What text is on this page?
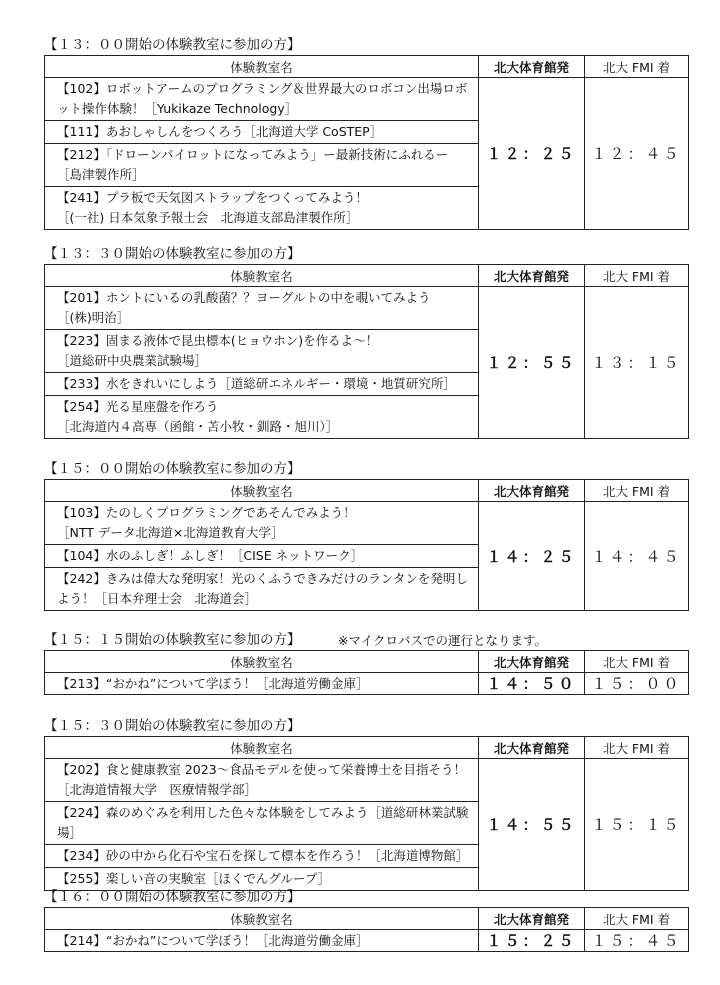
【１３：００開始の体験教室に参加の方】
体験教室名	北大体育館発	北大 FMI 着
【102】ロボットアームのプログラミング＆世界最大のロボコン出場ロボ
ット操作体験！［Yukikaze Technology］	１２：２５	１２：４５
【111】あおしゃしんをつくろう［北海道大学 CoSTEP］		
【212】「ドローンパイロットになってみよう」ー最新技術にふれるー
［島津製作所］		
【241】プラ板で天気図ストラップをつくってみよう！
［(一社) 日本気象予報士会　北海道支部島津製作所］		
【１３：３０開始の体験教室に参加の方】
体験教室名	北大体育館発	北大 FMI 着
【201】ホントにいるの乳酸菌？？ヨーグルトの中を覗いてみよう
［(株)明治］	１２：５５	１３：１５
【223】固まる液体で昆虫標本(ヒョウホン)を作るよ〜！
［道総研中央農業試験場］		
【233】水をきれいにしよう［道総研エネルギー・環境・地質研究所］		
【254】光る星座盤を作ろう
［北海道内４高専（函館・苫小牧・釧路・旭川）］		
【１５：００開始の体験教室に参加の方】
体験教室名	北大体育館発	北大 FMI 着
【103】たのしくプログラミングであそんでみよう！
［NTT データ北海道×北海道教育大学］	１４：２５	１４：４５
【104】水のふしぎ！ふしぎ！［CISE ネットワーク］		
【242】きみは偉大な発明家！光のくふうできみだけのランタンを発明し
よう！［日本弁理士会　北海道会］		
【１５：１５開始の体験教室に参加の方】	※マイクロバスでの運行となります。
体験教室名	北大体育館発	北大 FMI 着
【213】“おかね”について学ぼう！［北海道労働金庫］	１４：５０	１５：００
【１５：３０開始の体験教室に参加の方】
体験教室名	北大体育館発	北大 FMI 着
【202】食と健康教室 2023〜食品モデルを使って栄養博士を目指そう！
［北海道情報大学　医療情報学部］	１４：５５	１５：１５
【224】森のめぐみを利用した色々な体験をしてみよう［道総研林業試験場］		
【234】砂の中から化石や宝石を探して標本を作ろう！［北海道博物館］		
【255】楽しい音の実験室［ほくでんグループ］		
【１６：００開始の体験教室に参加の方】
体験教室名	北大体育館発	北大 FMI 着
【214】“おかね”について学ぼう！［北海道労働金庫］	１５：２５	１５：４５
